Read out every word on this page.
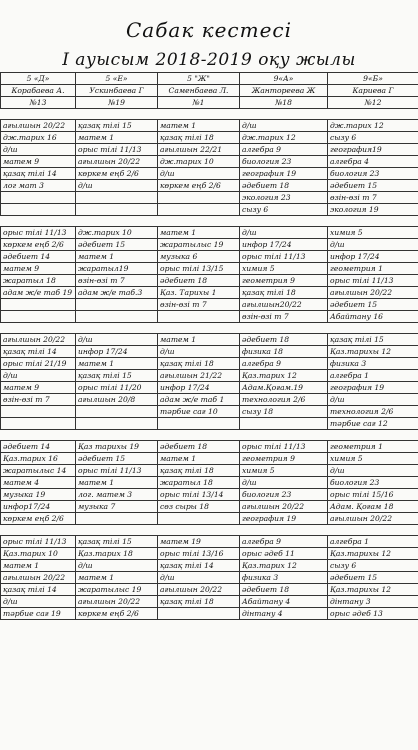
Сабак кестесі
І ауысым 2018-2019 оқу жылы
5 «Д»	5 «Е»	5 "Ж"	9«А»	9«Б»
Корабаева А.	Ускинбаева Г	Саменбаева Л.	Жантореева Ж	Кариева Г
№13	№19	№1	№18	№12

ағылшын 20/22	қазақ тілі 15	матем 1	д/ш	дж.тарих 12
дж.тарих 16	матем 1	қазақ тілі 18	дж.тарих 12	сызу 6
д/ш	орыс тілі 11/13	ағылшын 22/21	алгебра 9	география19
матем 9	ағылшын 20/22	дж.тарих 10	биология 23	алгебра 4
қазақ тілі 14	көркем еңб 2/6	д/ш	география 19	биология 23
лог мат 3	д/ш	көркем еңб 2/6	әдебиет 18	әдебиет 15
			экология 23	өзін-өзі т 7
			сызу 6	экология 19

орыс тілі 11/13	дж.тарих 10	матем 1	д/ш	химия 5
көркем еңб 2/6	әдебиет 15	жаратылыс 19	инфор 17/24	д/ш
әдебиет 14	матем 1	музыка 6	орыс тілі 11/13	инфор 17/24
матем 9	жаратыл19	орыс тілі 13/15	химия 5	геометрия 1
жаратыл 18	өзін-өзі т 7	әдебиет 18	геометрия 9	орыс тілі 11/13
адам ж/е таб 19	адам ж/е таб.3	Қаз. Тарихы 1	қазақ тілі 18	ағылшын 20/22
		өзін-өзі т 7	ағылшын20/22	әдебиет 15
			өзін-өзі т 7	Абайтану 16

ағылшын 20/22	д/ш	матем 1	әдебиет 18	қазақ тілі 15
қазақ тілі 14	инфор 17/24	д/ш	физика 18	Қаз.тарихы 12
орыс тілі 21/19	матем 1	қазақ тілі 18	алгебра 9	физика 3
д/ш	қазақ тілі 15	ағылшын 21/22	Қаз.тарих 12	алгебра 1
матем 9	орыс тілі 11/20	инфор 17/24	Адам.Қоғам.19	география 19
өзін-өзі т 7	ағылшын 20/8	адам ж/е таб 1	технология 2/6	д/ш
		тәрбие сағ 10	сызу 18	технология 2/6
				тәрбие сағ 12

әдебиет 14	Қаз тарихы 19	әдебиет 18	орыс тілі 11/13	геометрия 1
Қаз.тарих 16	әдебиет 15	матем 1	геометрия 9	химия 5
жаратылыс 14	орыс тілі 11/13	қазақ тілі 18	химия 5	д/ш
матем 4	матем 1	жаратыл 18	д/ш	биология 23
музыка 19	лог. матем 3	орыс тілі 13/14	биология 23	орыс тілі 15/16
инфор17/24	музыка 7	сөз сыры 18	ағылшын 20/22	Адам. Қоғам 18
көркем еңб 2/6			география 19	ағылшын 20/22

орыс тілі 11/13	қазақ тілі 15	матем 19	алгебра 9	алгебра 1
Қаз.тарих 10	Қаз.тарих 18	орыс тілі 13/16	орыс әдеб 11	Қаз.тарихы 12
матем 1	д/ш	қазақ тілі 14	Қаз.тарих 12	сызу 6
ағылшын 20/22	матем 1	д/ш	физика 3	әдебиет 15
қазақ тілі 14	жаратылыс 19	ағылшын 20/22	әдебиет 18	Қаз.тарихы 12
д/ш	ағылшын 20/22	қазақ тілі 18	Абайтану 4	дінтану 3
тәрбие сағ 19	көркем еңб 2/6		дінтану 4	орыс әдеб 13
